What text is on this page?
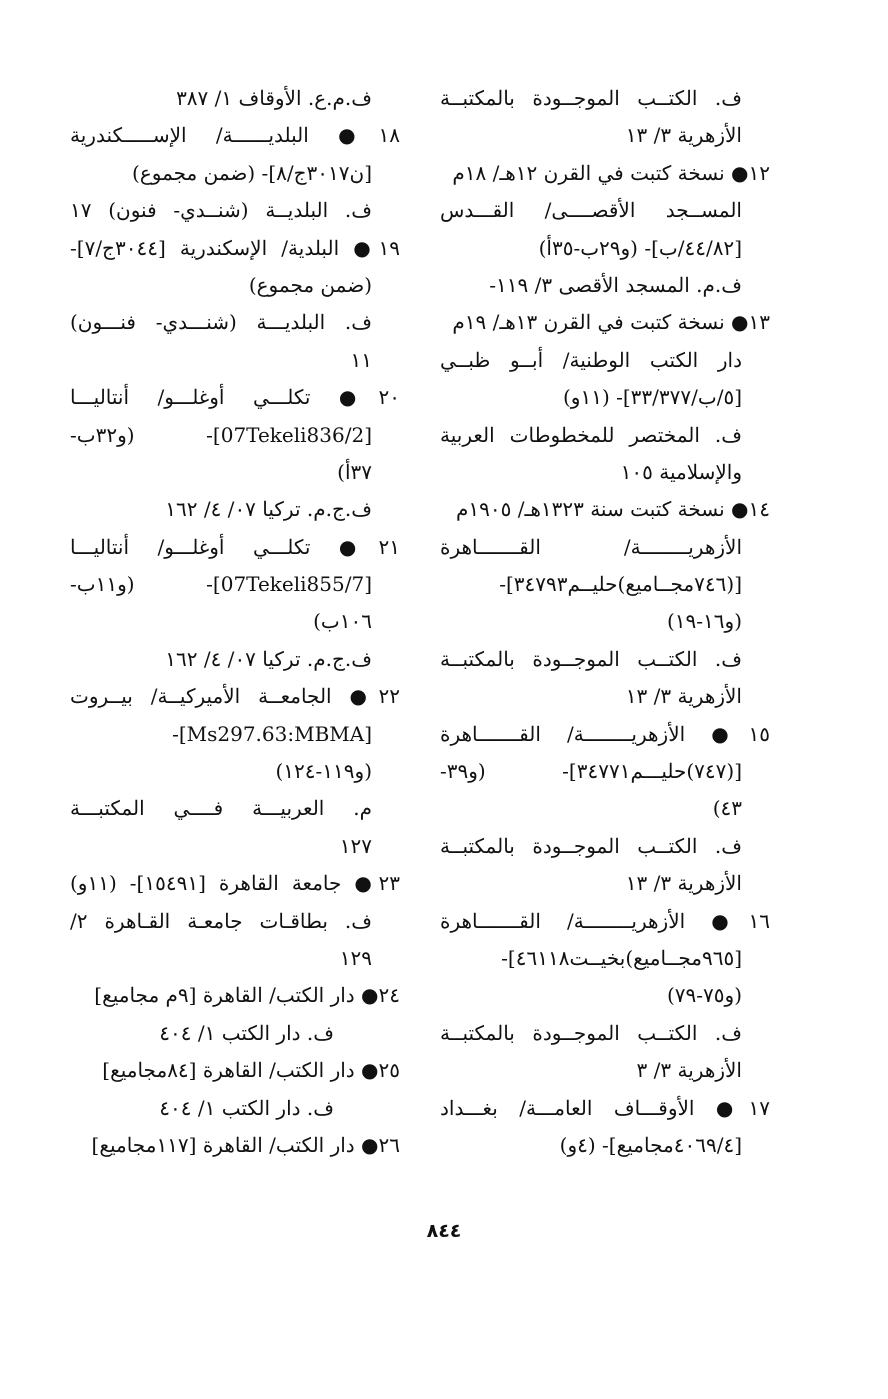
ف. الكتــب الموجــودة بالمكتبــة
الأزهرية ٣/ ١٣
١٢● نسخة كتبت في القرن ١٢هـ/ ١٨م
المســجد الأقصــــى/ القـــدس
[٤٤/٨٢/ب]- (و٢٩ب-٣٥أ)
ف.م. المسجد الأقصى ٣/ ١١٩-
١٣● نسخة كتبت في القرن ١٣هـ/ ١٩م
دار الكتب الوطنية/ أبــو ظبــي
[٥/ب/٣٣/٣٧٧]- (١١و)
ف. المختصر للمخطوطات العربية
والإسلامية ١٠٥
١٤● نسخة كتبت سنة ١٣٢٣هـ/ ١٩٠٥م
الأزهريــــــــة/ القـــــــاهرة
[(٧٤٦مجــاميع)حليــم٣٤٧٩٣]-
(و١٦-١٩)
ف. الكتــب الموجــودة بالمكتبــة
الأزهرية ٣/ ١٣
١٥● الأزهريــــــــة/ القـــــــاهرة
[(٧٤٧)حليـــم٣٤٧٧١]- (و٣٩-
٤٣)
ف. الكتــب الموجــودة بالمكتبــة
الأزهرية ٣/ ١٣
١٦● الأزهريــــــــة/ القـــــــاهرة
[٩٦٥مجــاميع)بخيــت٤٦١١٨]-
(و٧٥-٧٩)
ف. الكتــب الموجــودة بالمكتبــة
الأزهرية ٣/ ٣
١٧● الأوقـــاف العامـــة/ بغـــداد
[٤٠٦٩/٤مجاميع]- (٤و)
ف.م.ع. الأوقاف ١/ ٣٨٧
١٨● البلديــــــة/ الإســـــكندرية
[ن٣٠١٧ج/٨]- (ضمن مجموع)
ف. البلديــة (شنــدي- فنون) ١٧
١٩● البلدية/ الإسكندرية [٣٠٤٤ج/٧]-
(ضمن مجموع)
ف. البلديـــة (شنـــدي- فنـــون)
١١
٢٠● تكلـــي أوغلـــو/ أنتاليـــا
[07Tekeli836/2]- (و٣٢ب-
٣٧أ)
ف.ج.م. تركيا ٠٧/ ٤/ ١٦٢
٢١● تكلـــي أوغلـــو/ أنتاليـــا
[07Tekeli855/7]- (و١١ب-
١٠٦ب)
ف.ج.م. تركيا ٠٧/ ٤/ ١٦٢
٢٢● الجامعــة الأميركيــة/ بيــروت
[Ms297.63:MBMA]-
(و١١٩-١٢٤)
م. العربيـــة فــــي المكتبـــة
١٢٧
٢٣● جامعة القاهرة [١٥٤٩١]- (١١و)
ف. بطاقـات جامعـة القـاهرة ٢/
١٢٩
٢٤● دار الكتب/ القاهرة [٩م مجاميع]
ف. دار الكتب ١/ ٤٠٤
٢٥● دار الكتب/ القاهرة [٨٤مجاميع]
ف. دار الكتب ١/ ٤٠٤
٢٦● دار الكتب/ القاهرة [١١٧مجاميع]
٨٤٤
